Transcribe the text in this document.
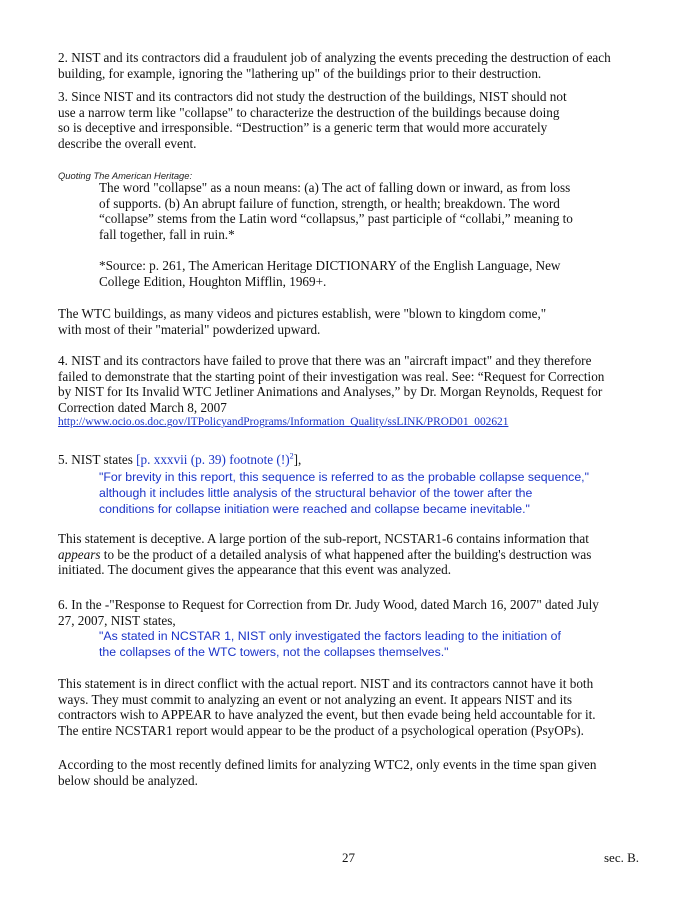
2. NIST and its contractors did a fraudulent job of analyzing the events preceding the destruction of each
building, for example, ignoring the "lathering up" of the buildings prior to their destruction.

3. Since NIST and its contractors did not study the destruction of the buildings, NIST should not
use a narrow term like "collapse" to characterize the destruction of the buildings because doing
so is deceptive and irresponsible. “Destruction” is a generic term that would more accurately
describe the overall event.

Quoting The American Heritage:

The word "collapse" as a noun means: (a) The act of falling down or inward, as from loss
of supports. (b) An abrupt failure of function, strength, or health; breakdown. The word
“collapse” stems from the Latin word “collapsus,” past participle of “collabi,” meaning to
fall together, fall in ruin.*

*Source: p. 261, The American Heritage DICTIONARY of the English Language, New
College Edition, Houghton Mifflin, 1969+.

The WTC buildings, as many videos and pictures establish, were "blown to kingdom come,"
with most of their "material" powderized upward.

4. NIST and its contractors have failed to prove that there was an "aircraft impact" and they therefore
failed to demonstrate that the starting point of their investigation was real. See: “Request for Correction
by NIST for Its Invalid WTC Jetliner Animations and Analyses,” by Dr. Morgan Reynolds, Request for
Correction dated March 8, 2007
http://www.ocio.os.doc.gov/ITPolicyandPrograms/Information_Quality/ssLINK/PROD01_002621

5. NIST states [p. xxxvii (p. 39) footnote (!)$^2$],

"For brevity in this report, this sequence is referred to as the probable collapse sequence,"
although it includes little analysis of the structural behavior of the tower after the
conditions for collapse initiation were reached and collapse became inevitable."

This statement is deceptive. A large portion of the sub-report, NCSTAR1-6 contains information that
appears to be the product of a detailed analysis of what happened after the building's destruction was
initiated. The document gives the appearance that this event was analyzed.

6. In the -"Response to Request for Correction from Dr. Judy Wood, dated March 16, 2007" dated July
27, 2007, NIST states,

"As stated in NCSTAR 1, NIST only investigated the factors leading to the initiation of
the collapses of the WTC towers, not the collapses themselves."

This statement is in direct conflict with the actual report. NIST and its contractors cannot have it both
ways. They must commit to analyzing an event or not analyzing an event. It appears NIST and its
contractors wish to APPEAR to have analyzed the event, but then evade being held accountable for it.
The entire NCSTAR1 report would appear to be the product of a psychological operation (PsyOPs).

According to the most recently defined limits for analyzing WTC2, only events in the time span given
below should be analyzed.

27	sec. B.
